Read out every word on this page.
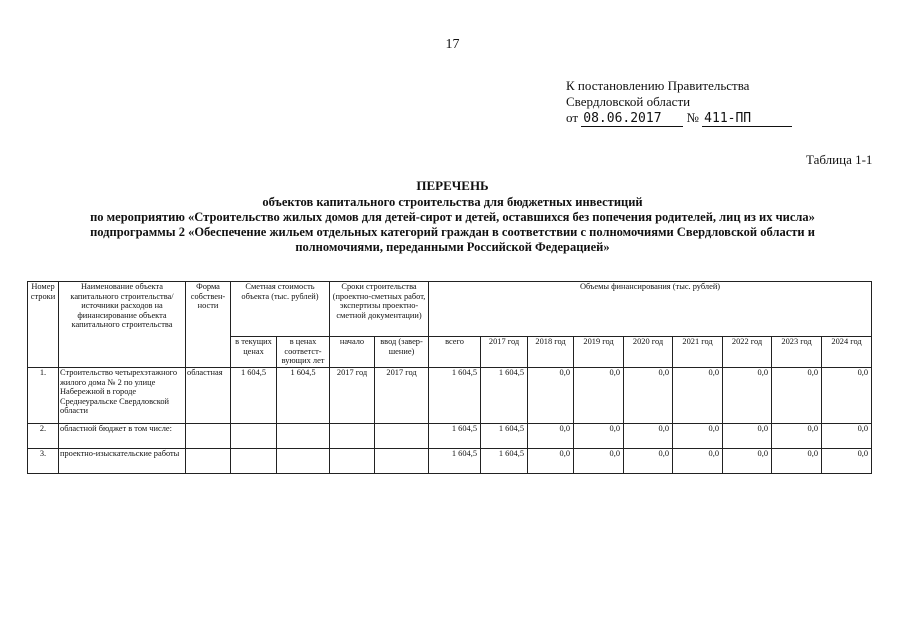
17
К постановлению Правительства
Свердловской области
от 08.06.2017 № 411-ПП
Таблица 1-1
ПЕРЕЧЕНЬ
объектов капитального строительства для бюджетных инвестиций
по мероприятию «Строительство жилых домов для детей-сирот и детей, оставшихся без попечения родителей, лиц из их числа»
подпрограммы 2 «Обеспечение жильем отдельных категорий граждан в соответствии с полномочиями Свердловской области и
полномочиями, переданными Российской Федерацией»
Номер строки	Наименование объекта капитального строительства/ источники расходов на финансирование объекта капитального строительства	Форма собствен-ности	Сметная стоимость объекта (тыс. рублей)		Сроки строительства (проектно-сметных работ, экспертизы проектно-сметной документации)		Объемы финансирования (тыс. рублей)								
			в текущих ценах	в ценах соответст-вующих лет	начало	ввод (завер-шение)	всего	2017 год	2018 год	2019 год	2020 год	2021 год	2022 год	2023 год	2024 год
1.	Строительство четырехэтажного жилого дома № 2 по улице Набережной в городе Среднеуральске Свердловской области	областная	1 604,5	1 604,5	2017 год	2017 год	1 604,5	1 604,5	0,0	0,0	0,0	0,0	0,0	0,0	0,0
2.	областной бюджет в том числе:						1 604,5	1 604,5	0,0	0,0	0,0	0,0	0,0	0,0	0,0
3.	проектно-изыскательские работы						1 604,5	1 604,5	0,0	0,0	0,0	0,0	0,0	0,0	0,0
